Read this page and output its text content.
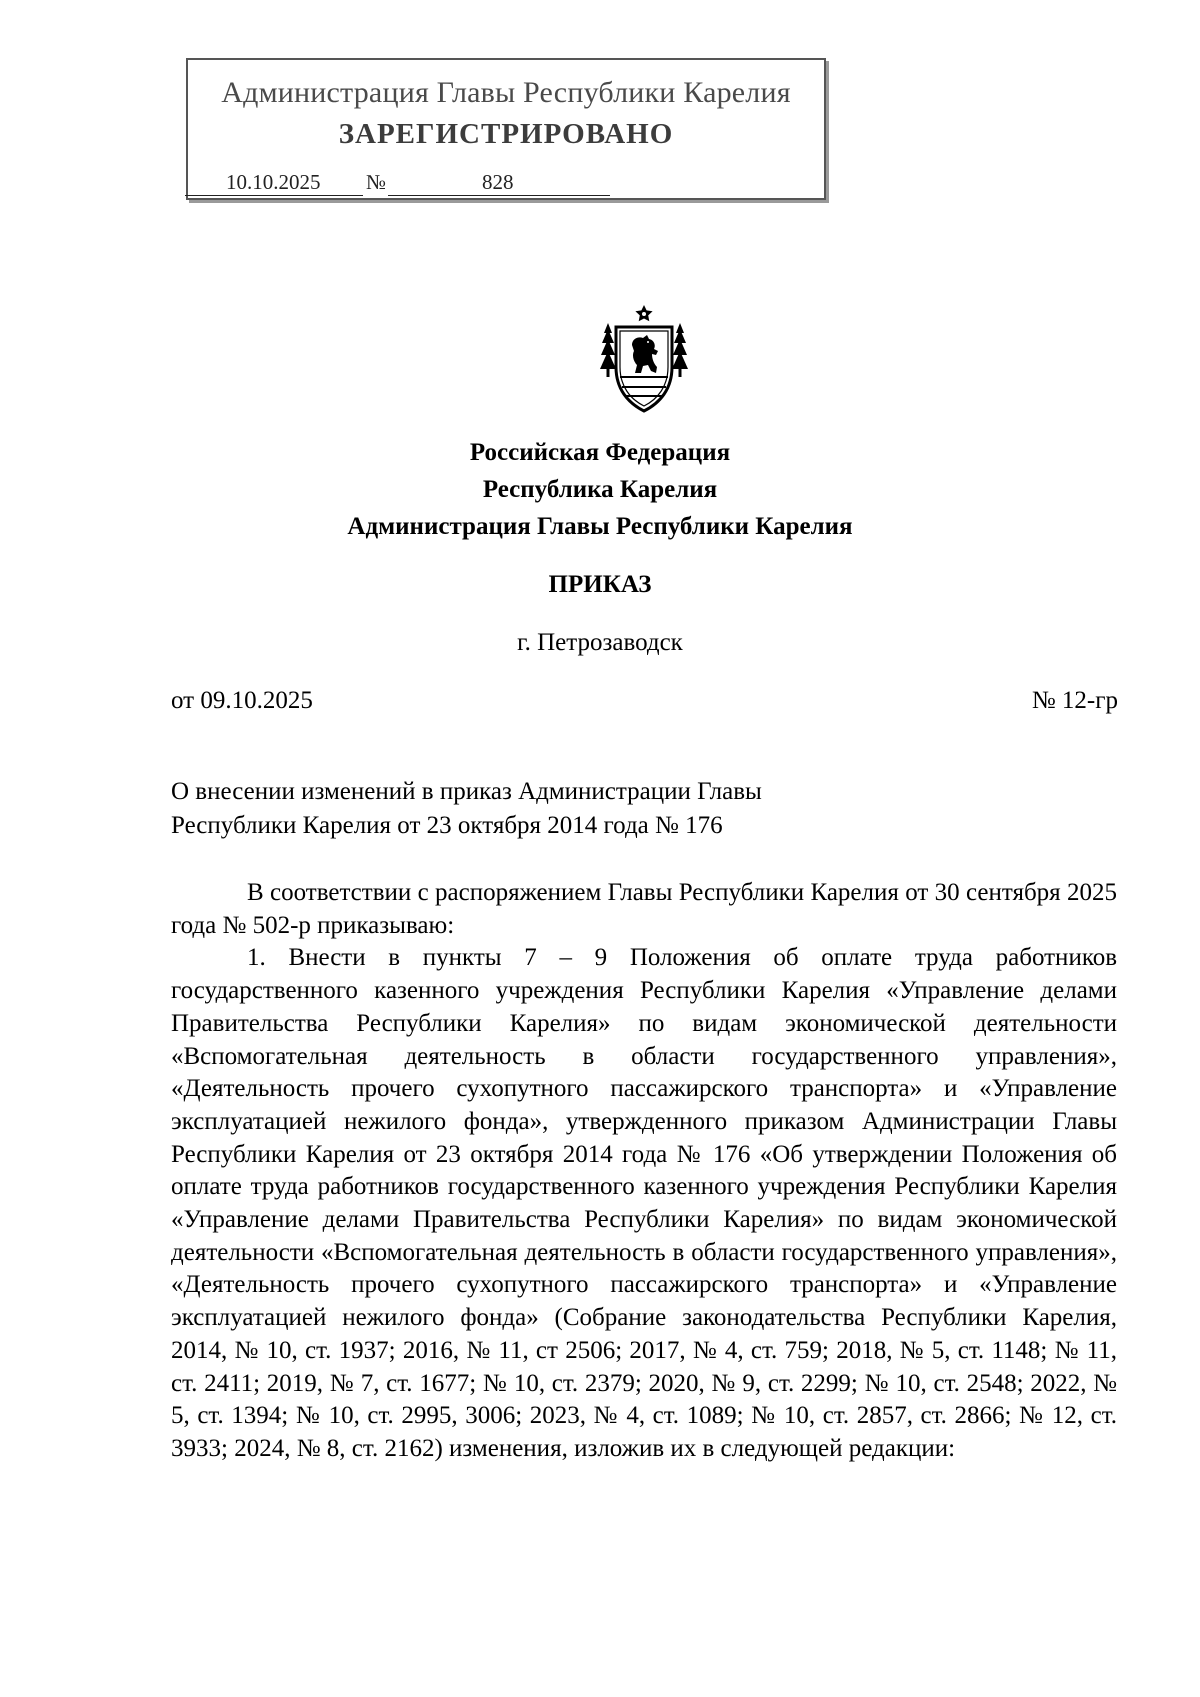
Администрация Главы Республики Карелия
ЗАРЕГИСТРИРОВАНО
10.10.2025 №	828
Российская Федерация
Республика Карелия
Администрация Главы Республики Карелия
ПРИКАЗ
г. Петрозаводск
от 09.10.2025	№ 12-гр
О внесении изменений в приказ Администрации Главы
Республики Карелия от 23 октября 2014 года № 176

В соответствии с распоряжением Главы Республики Карелия от 30 сентября 2025 года № 502-р приказываю:

1. Внести в пункты 7 – 9 Положения об оплате труда работников государственного казенного учреждения Республики Карелия «Управление делами Правительства Республики Карелия» по видам экономической деятельности «Вспомогательная деятельность в области государственного управления», «Деятельность прочего сухопутного пассажирского транспорта» и «Управление эксплуатацией нежилого фонда», утвержденного приказом Администрации Главы Республики Карелия от 23 октября 2014 года № 176 «Об утверждении Положения об оплате труда работников государственного казенного учреждения Республики Карелия «Управление делами Правительства Республики Карелия» по видам экономической деятельности «Вспомогательная деятельность в области государственного управления», «Деятельность прочего сухопутного пассажирского транспорта» и «Управление эксплуатацией нежилого фонда» (Собрание законодательства Республики Карелия, 2014, № 10, ст. 1937; 2016, № 11, ст 2506; 2017, № 4, ст. 759; 2018, № 5, ст. 1148; № 11, ст. 2411; 2019, № 7, ст. 1677; № 10, ст. 2379; 2020, № 9, ст. 2299; № 10, ст. 2548; 2022, № 5, ст. 1394; № 10, ст. 2995, 3006; 2023, № 4, ст. 1089; № 10, ст. 2857, ст. 2866; № 12, ст. 3933; 2024, № 8, ст. 2162) изменения, изложив их в следующей редакции:
